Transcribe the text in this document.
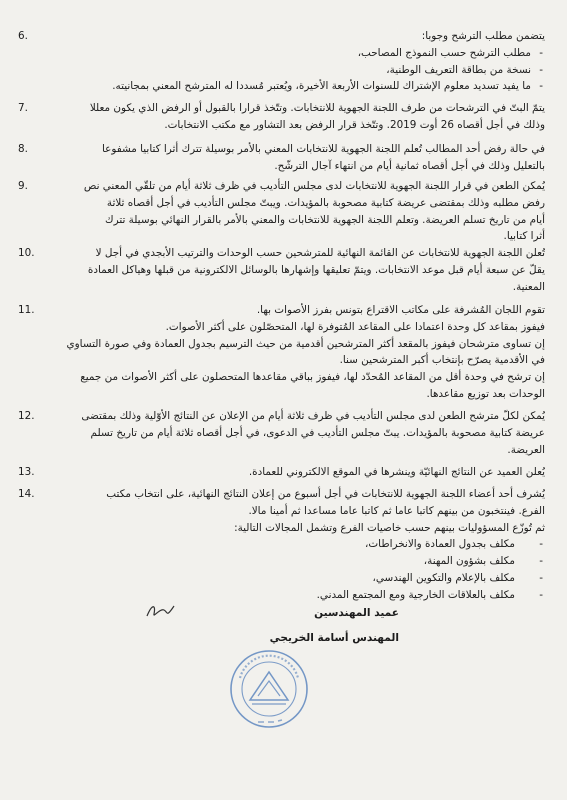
6.	يتضمن مطلب الترشح وجوبا:
- مطلب الترشح حسب النموذج المصاحب،
- نسخة من بطاقة التعريف الوطنية،
- ما يفيد تسديد معلوم الإشتراك للسنوات الأربعة الأخيرة، ويُعتبر مُسددا له المترشح المعني بمجانيته.
7.	يتمّ البتّ في الترشحات من طرف اللجنة الجهوية للانتخابات. وتتّخذ قرارا بالقبول أو الرفض الذي يكون معللا
وذلك في أجل أقصاه 26 أوت 2019. وتتّخذ قرار الرفض بعد التشاور مع مكتب الانتخابات.
8.	في حالة رفض أحد المطالب تُعلم اللجنة الجهوية للانتخابات المعني بالأمر بوسيلة تترك أثرا كتابيا مشفوعا
بالتعليل وذلك في أجل أقصاه ثمانية أيام من انتهاء آجال الترشّح.
9.	يُمكن الطعن في قرار اللجنة الجهوية للانتخابات لدى مجلس التأديب في ظرف ثلاثة أيام من تلقّي المعني نص
رفض مطلبه وذلك بمقتضى عريضة كتابية مصحوبة بالمؤيدات. ويبتّ مجلس التأديب في أجل أقصاه ثلاثة
أيام من تاريخ تسلم العريضة. وتعلم اللجنة الجهوية للانتخابات والمعني بالأمر بالقرار النهائي بوسيلة تترك
أثرا كتابيا.
10.	تُعلن اللجنة الجهوية للانتخابات عن القائمة النهائية للمترشحين حسب الوحدات والترتيب الأبجدي في أجل لا
يقلّ عن سبعة أيام قبل موعد الانتخابات. ويتمّ تعليقها وإشهارها بالوسائل الالكترونية من قبلها وهياكل العمادة
المعنية.
11.	تقوم اللجان المُشرفة على مكاتب الاقتراع بتونس بفرز الأصوات بها.
فيفوز بمقاعد كل وحدة اعتمادا على المقاعد المُتوفرة لها، المتحصّلون على أكثر الأصوات.
إن تساوى مترشحان فيفوز بالمقعد أكثر المترشحين أقدمية من حيث الترسيم بجدول العمادة وفي صورة التساوي
في الأقدمية يصرّح بإنتخاب أكبر المترشحين سنا.
إن ترشح في وحدة أقل من المقاعد المُحدّد لها، فيفوز بباقي مقاعدها المتحصلون على أكثر الأصوات من جميع
الوحدات بعد توزيع مقاعدها.
12.	يُمكن لكلّ مترشح الطعن لدى مجلس التأديب في ظرف ثلاثة أيام من الإعلان عن النتائج الأوّلية وذلك بمقتضى
عريضة كتابية مصحوبة بالمؤيدات. يبتّ مجلس التأديب في الدعوى، في أجل أقصاه ثلاثة أيام من تاريخ تسلم
العريضة.
13.	يُعلن العميد عن النتائج النهائيّة وينشرها في الموقع الالكتروني للعمادة.
14.	يُشرف أحد أعضاء اللجنة الجهوية للانتخابات في أجل أسبوع من إعلان النتائج النهائية، على انتخاب مكتب
الفرع. فينتخبون من بينهم كاتبا عاما ثم كاتبا عاما مساعدا ثم أمينا مالا.
ثم تُوزّع المسؤوليات بينهم حسب خاصيات الفرع وتشمل المجالات التالية:
- مكلف بجدول العمادة والانخراطات،
- مكلف بشؤون المهنة،
- مكلف بالإعلام والتكوين الهندسي،
- مكلف بالعلاقات الخارجية ومع المجتمع المدني.
عميد المهندسين
المهندس أسامة الخريجي
